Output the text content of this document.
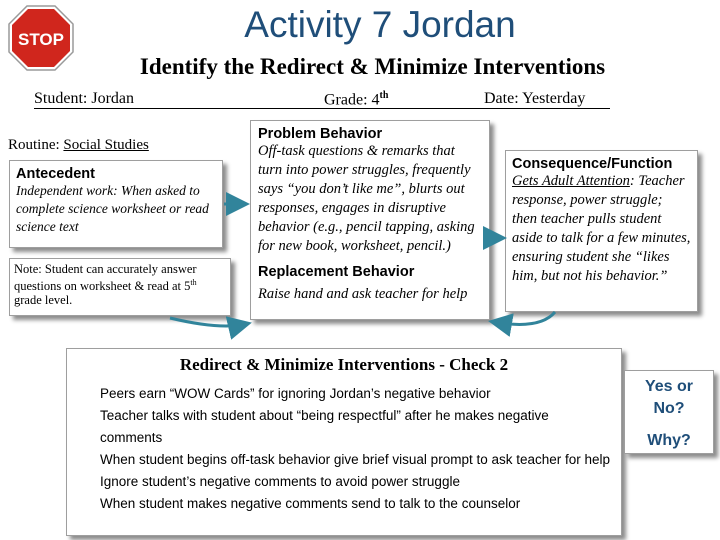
STOP	Activity 7 Jordan
Identify the Redirect & Minimize Interventions
Student: Jordan	Grade: 4th	Date: Yesterday
Routine: Social Studies
Antecedent
Independent work: When asked to complete science worksheet or read science text
Note: Student can accurately answer questions on worksheet & read at 5th grade level.
Problem Behavior
Off-task questions & remarks that turn into power struggles, frequently says “you don’t like me”, blurts out responses, engages in disruptive behavior (e.g., pencil tapping, asking for new book, worksheet, pencil.)
Replacement Behavior
Raise hand and ask teacher for help
Consequence/Function
Gets Adult Attention: Teacher response, power struggle; then teacher pulls student aside to talk for a few minutes, ensuring student she “likes him, but not his behavior.”
Redirect & Minimize Interventions - Check 2
Peers earn “WOW Cards” for ignoring Jordan’s negative behavior
Teacher talks with student about “being respectful” after he makes negative comments
When student begins off-task behavior give brief visual prompt to ask teacher for help
Ignore student’s negative comments to avoid power struggle
When student makes negative comments send to talk to the counselor
Yes or No?
Why?
